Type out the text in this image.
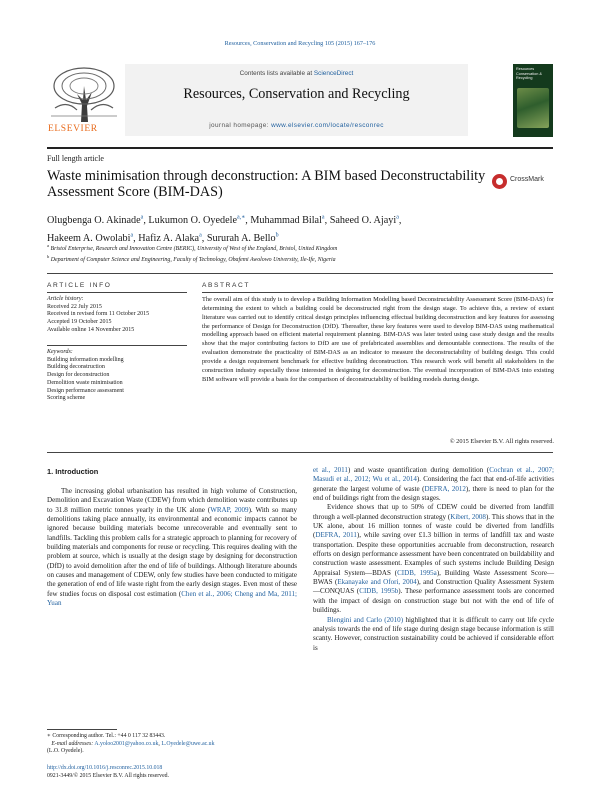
Resources, Conservation and Recycling 105 (2015) 167–176
ELSEVIER
Contents lists available at ScienceDirect
Resources, Conservation and Recycling
journal homepage: www.elsevier.com/locate/resconrec
Resources Conservation & Recycling
Full length article
Waste minimisation through deconstruction: A BIM based Deconstructability Assessment Score (BIM-DAS)
CrossMark
Olugbenga O. Akinade$^a$, Lukumon O. Oyedele$^{a,∗}$, Muhammad Bilal$^a$, Saheed O. Ajayi$^a$,
Hakeem A. Owolabi$^a$, Hafiz A. Alaka$^a$, Sururah A. Bello$^b$
$^a$ Bristol Enterprise, Research and Innovation Centre (BERIC), University of West of the England, Bristol, United Kingdom
$^b$ Department of Computer Science and Engineering, Faculty of Technology, Obafemi Awolowo University, Ile-Ife, Nigeria
ARTICLE INFO	ABSTRACT
Article history:
Received 22 July 2015
Received in revised form 11 October 2015
Accepted 19 October 2015
Available online 14 November 2015
Keywords:
Building information modelling
Building deconstruction
Design for deconstruction
Demolition waste minimisation
Design performance assessment
Scoring scheme
The overall aim of this study is to develop a Building Information Modelling based Deconstructability Assessment Score (BIM-DAS) for determining the extent to which a building could be deconstructed right from the design stage. To achieve this, a review of extant literature was carried out to identify critical design principles influencing effectual building deconstruction and key features for assessing the performance of Design for Deconstruction (DfD). Thereafter, these key features were used to develop BIM-DAS using mathematical modelling approach based on efficient material requirement planning. BIM-DAS was later tested using case study design and the results show that the major contributing factors to DfD are use of prefabricated assemblies and demountable connections. The results of the evaluation demonstrate the practicality of BIM-DAS as an indicator to measure the deconstructability of building design. This could provide a design requirement benchmark for effective building deconstruction. This research work will benefit all stakeholders in the construction industry especially those interested in designing for deconstruction. The eventual incorporation of BIM-DAS into existing BIM software will provide a basis for the comparison of deconstructability of building models during design.
© 2015 Elsevier B.V. All rights reserved.
1. Introduction

The increasing global urbanisation has resulted in high volume of Construction, Demolition and Excavation Waste (CDEW) from which demolition waste contributes up to 31.8 million metric tonnes yearly in the UK alone (WRAP, 2009). With so many demolitions taking place annually, its environmental and economic impacts cannot be ignored because building materials become unrecoverable and eventually sent to landfills. Tackling this problem calls for a strategic approach to planning for recovery of building materials and components for reuse or recycling. This requires dealing with the problem at source, which is usually at the design stage by designing for deconstruction (DfD) to avoid demolition after the end of life of buildings. Although literature abounds on causes and management of CDEW, only few studies have been conducted to mitigate the generation of end of life waste right from the early design stages. Even most of these few studies focus on disposal cost estimation (Chen et al., 2006; Cheng and Ma, 2011; Yuan

et al., 2011) and waste quantification during demolition (Cochran et al., 2007; Masudi et al., 2012; Wu et al., 2014). Considering the fact that end-of-life activities generate the largest volume of waste (DEFRA, 2012), there is need to plan for the end of buildings right from the design stages.

Evidence shows that up to 50% of CDEW could be diverted from landfill through a well-planned deconstruction strategy (Kibert, 2008). This shows that in the UK alone, about 16 million tonnes of waste could be diverted from landfills (DEFRA, 2011), while saving over £1.3 billion in terms of landfill tax and waste transportation. Despite these opportunities accruable from deconstruction, research efforts on design performance assessment have been concentrated on buildability and construction waste assessment. Examples of such systems include Building Design Appraisal System—BDAS (CIDB, 1995a), Building Waste Assessment Score—BWAS (Ekanayake and Ofori, 2004), and Construction Quality Assessment System—CONQUAS (CIDB, 1995b). These performance assessment tools are concerned with the impact of design on construction stage but not with the end of life of buildings.

Blengini and Carlo (2010) highlighted that it is difficult to carry out life cycle analysis towards the end of life stage during design stage because information is still scanty. However, construction sustainability could be achieved if considerable effort is

∗ Corresponding author. Tel.: +44 0 117 32 83443.
E-mail addresses: A.yoloo2001@yahoo.co.uk, L.Oyedele@uwe.ac.uk
(L.O. Oyedele).
http://dx.doi.org/10.1016/j.resconrec.2015.10.018
0921-3449/© 2015 Elsevier B.V. All rights reserved.
